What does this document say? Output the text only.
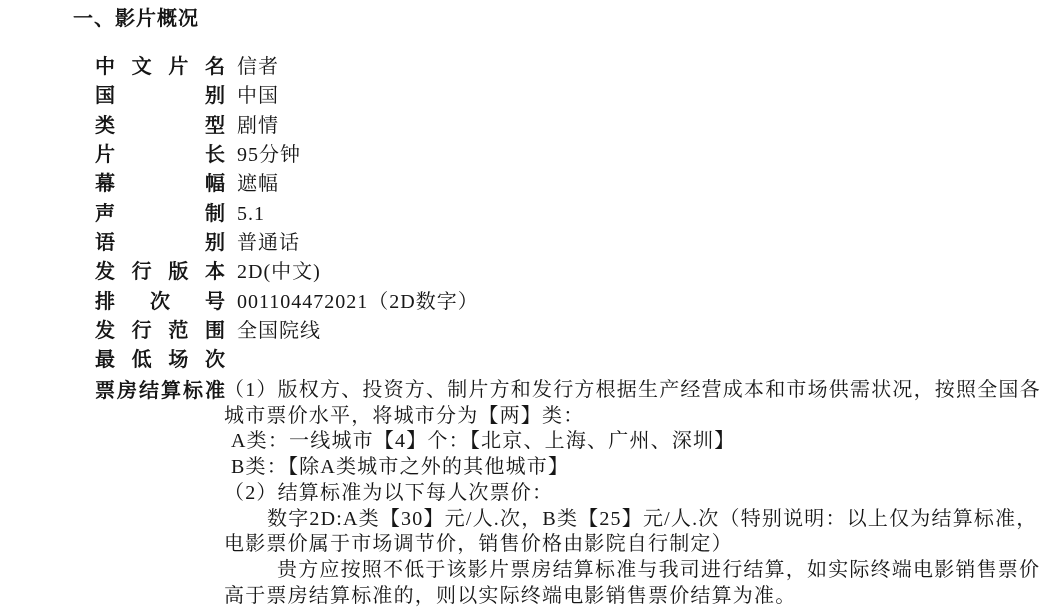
一、影片概况
中文片名 信者
国别 中国
类型 剧情
片长 95分钟
幕幅 遮幅
声制 5.1
语别 普通话
发行版本 2D(中文)
排次号 001104472021（2D数字）
发行范围 全国院线
最低场次
票房结算标准 （1）版权方、投资方、制片方和发行方根据生产经营成本和市场供需状况，按照全国各
城市票价水平，将城市分为【两】类：
A类：一线城市【4】个：【北京、上海、广州、深圳】
B类：【除A类城市之外的其他城市】
（2）结算标准为以下每人次票价：
数字2D:A类【30】元/人.次，B类【25】元/人.次（特别说明：以上仅为结算标准，
电影票价属于市场调节价，销售价格由影院自行制定）
贵方应按照不低于该影片票房结算标准与我司进行结算，如实际终端电影销售票价
高于票房结算标准的，则以实际终端电影销售票价结算为准。
